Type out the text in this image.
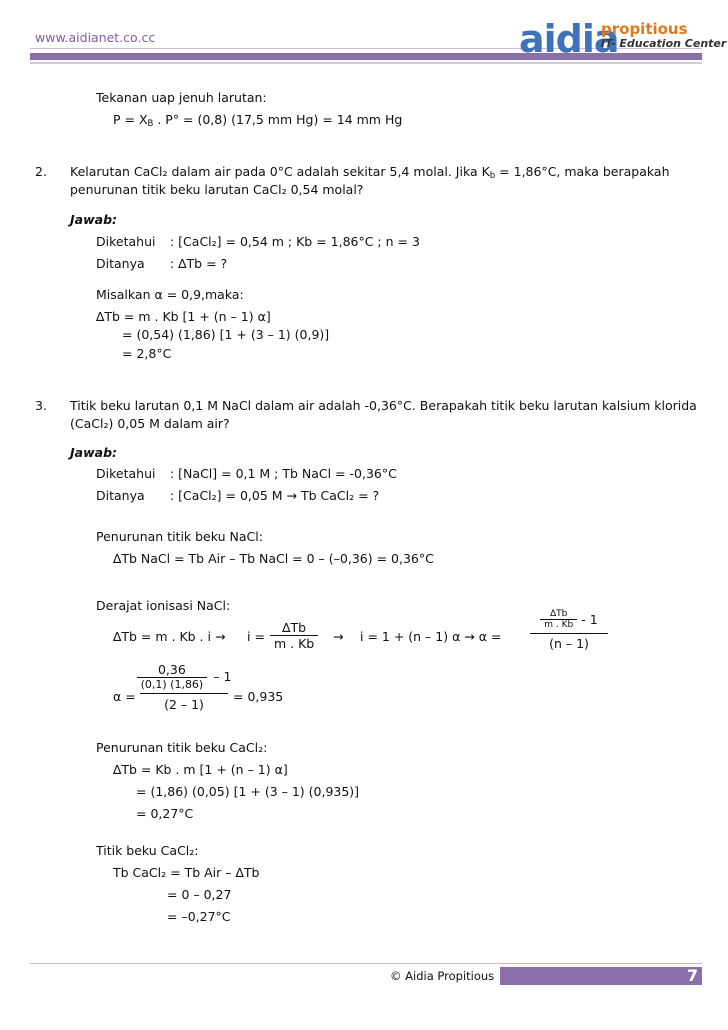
www.aidianet.co.cc	aidia
propitious
IT- Education Center
Tekanan uap jenuh larutan:
$P = X_B$ . P° = (0,8) (17,5 mm Hg) = 14 mm Hg
2. Kelarutan CaCl₂ dalam air pada 0°C adalah sekitar 5,4 molal. Jika $K_b = 1,86^\circ C$, maka berapakah
penurunan titik beku larutan CaCl₂ 0,54 molal?
Jawab:
Diketahui : [CaCl₂] = 0,54 m ; Kb = 1,86°C ; n = 3
Ditanya : ∆Tb = ?
Misalkan α = 0,9,maka:
∆Tb = m . Kb [1 + (n – 1) α]
= (0,54) (1,86) [1 + (3 – 1) (0,9)]
= 2,8°C
3. Titik beku larutan 0,1 M NaCl dalam air adalah -0,36°C. Berapakah titik beku larutan kalsium klorida
(CaCl₂) 0,05 M dalam air?
Jawab:
Diketahui : [NaCl] = 0,1 M ; Tb NaCl = -0,36°C
Ditanya : [CaCl₂] = 0,05 M → Tb CaCl₂ = ?
Penurunan titik beku NaCl:
∆Tb NaCl = Tb Air – Tb NaCl = 0 – (–0,36) = 0,36°C
Derajat ionisasi NaCl:
∆Tb = m . Kb . $i \to i = \frac{\Delta Tb}{m . Kb} \to i = 1 + (n - 1) \alpha \to \alpha$ =
$\frac{\Delta Tb}{m . Kb} - 1$
(n – 1)
α =
$\frac{0,36}{(0,1) (1,86)} - 1$
(2 – 1)
= 0,935
Penurunan titik beku CaCl₂:
∆Tb = Kb . m [1 + (n – 1) α]
= (1,86) (0,05) [1 + (3 – 1) (0,935)]
= 0,27°C
Titik beku CaCl₂:
Tb CaCl₂ = Tb Air – ∆Tb
= 0 – 0,27
= –0,27°C
© Aidia Propitious	7
